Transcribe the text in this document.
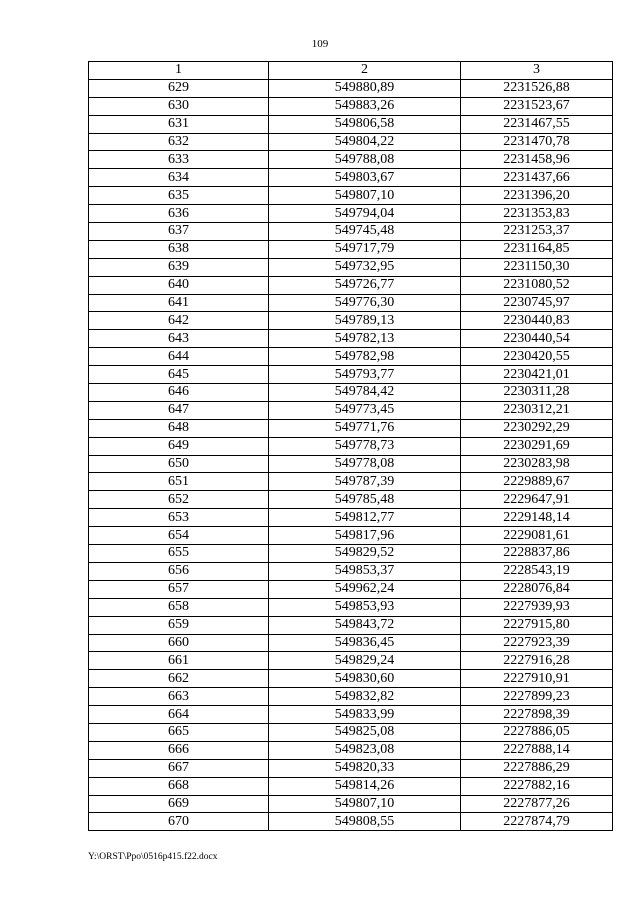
109
1	2	3
629	549880,89	2231526,88
630	549883,26	2231523,67
631	549806,58	2231467,55
632	549804,22	2231470,78
633	549788,08	2231458,96
634	549803,67	2231437,66
635	549807,10	2231396,20
636	549794,04	2231353,83
637	549745,48	2231253,37
638	549717,79	2231164,85
639	549732,95	2231150,30
640	549726,77	2231080,52
641	549776,30	2230745,97
642	549789,13	2230440,83
643	549782,13	2230440,54
644	549782,98	2230420,55
645	549793,77	2230421,01
646	549784,42	2230311,28
647	549773,45	2230312,21
648	549771,76	2230292,29
649	549778,73	2230291,69
650	549778,08	2230283,98
651	549787,39	2229889,67
652	549785,48	2229647,91
653	549812,77	2229148,14
654	549817,96	2229081,61
655	549829,52	2228837,86
656	549853,37	2228543,19
657	549962,24	2228076,84
658	549853,93	2227939,93
659	549843,72	2227915,80
660	549836,45	2227923,39
661	549829,24	2227916,28
662	549830,60	2227910,91
663	549832,82	2227899,23
664	549833,99	2227898,39
665	549825,08	2227886,05
666	549823,08	2227888,14
667	549820,33	2227886,29
668	549814,26	2227882,16
669	549807,10	2227877,26
670	549808,55	2227874,79
Y:\ORST\Ppo\0516p415.f22.docx
